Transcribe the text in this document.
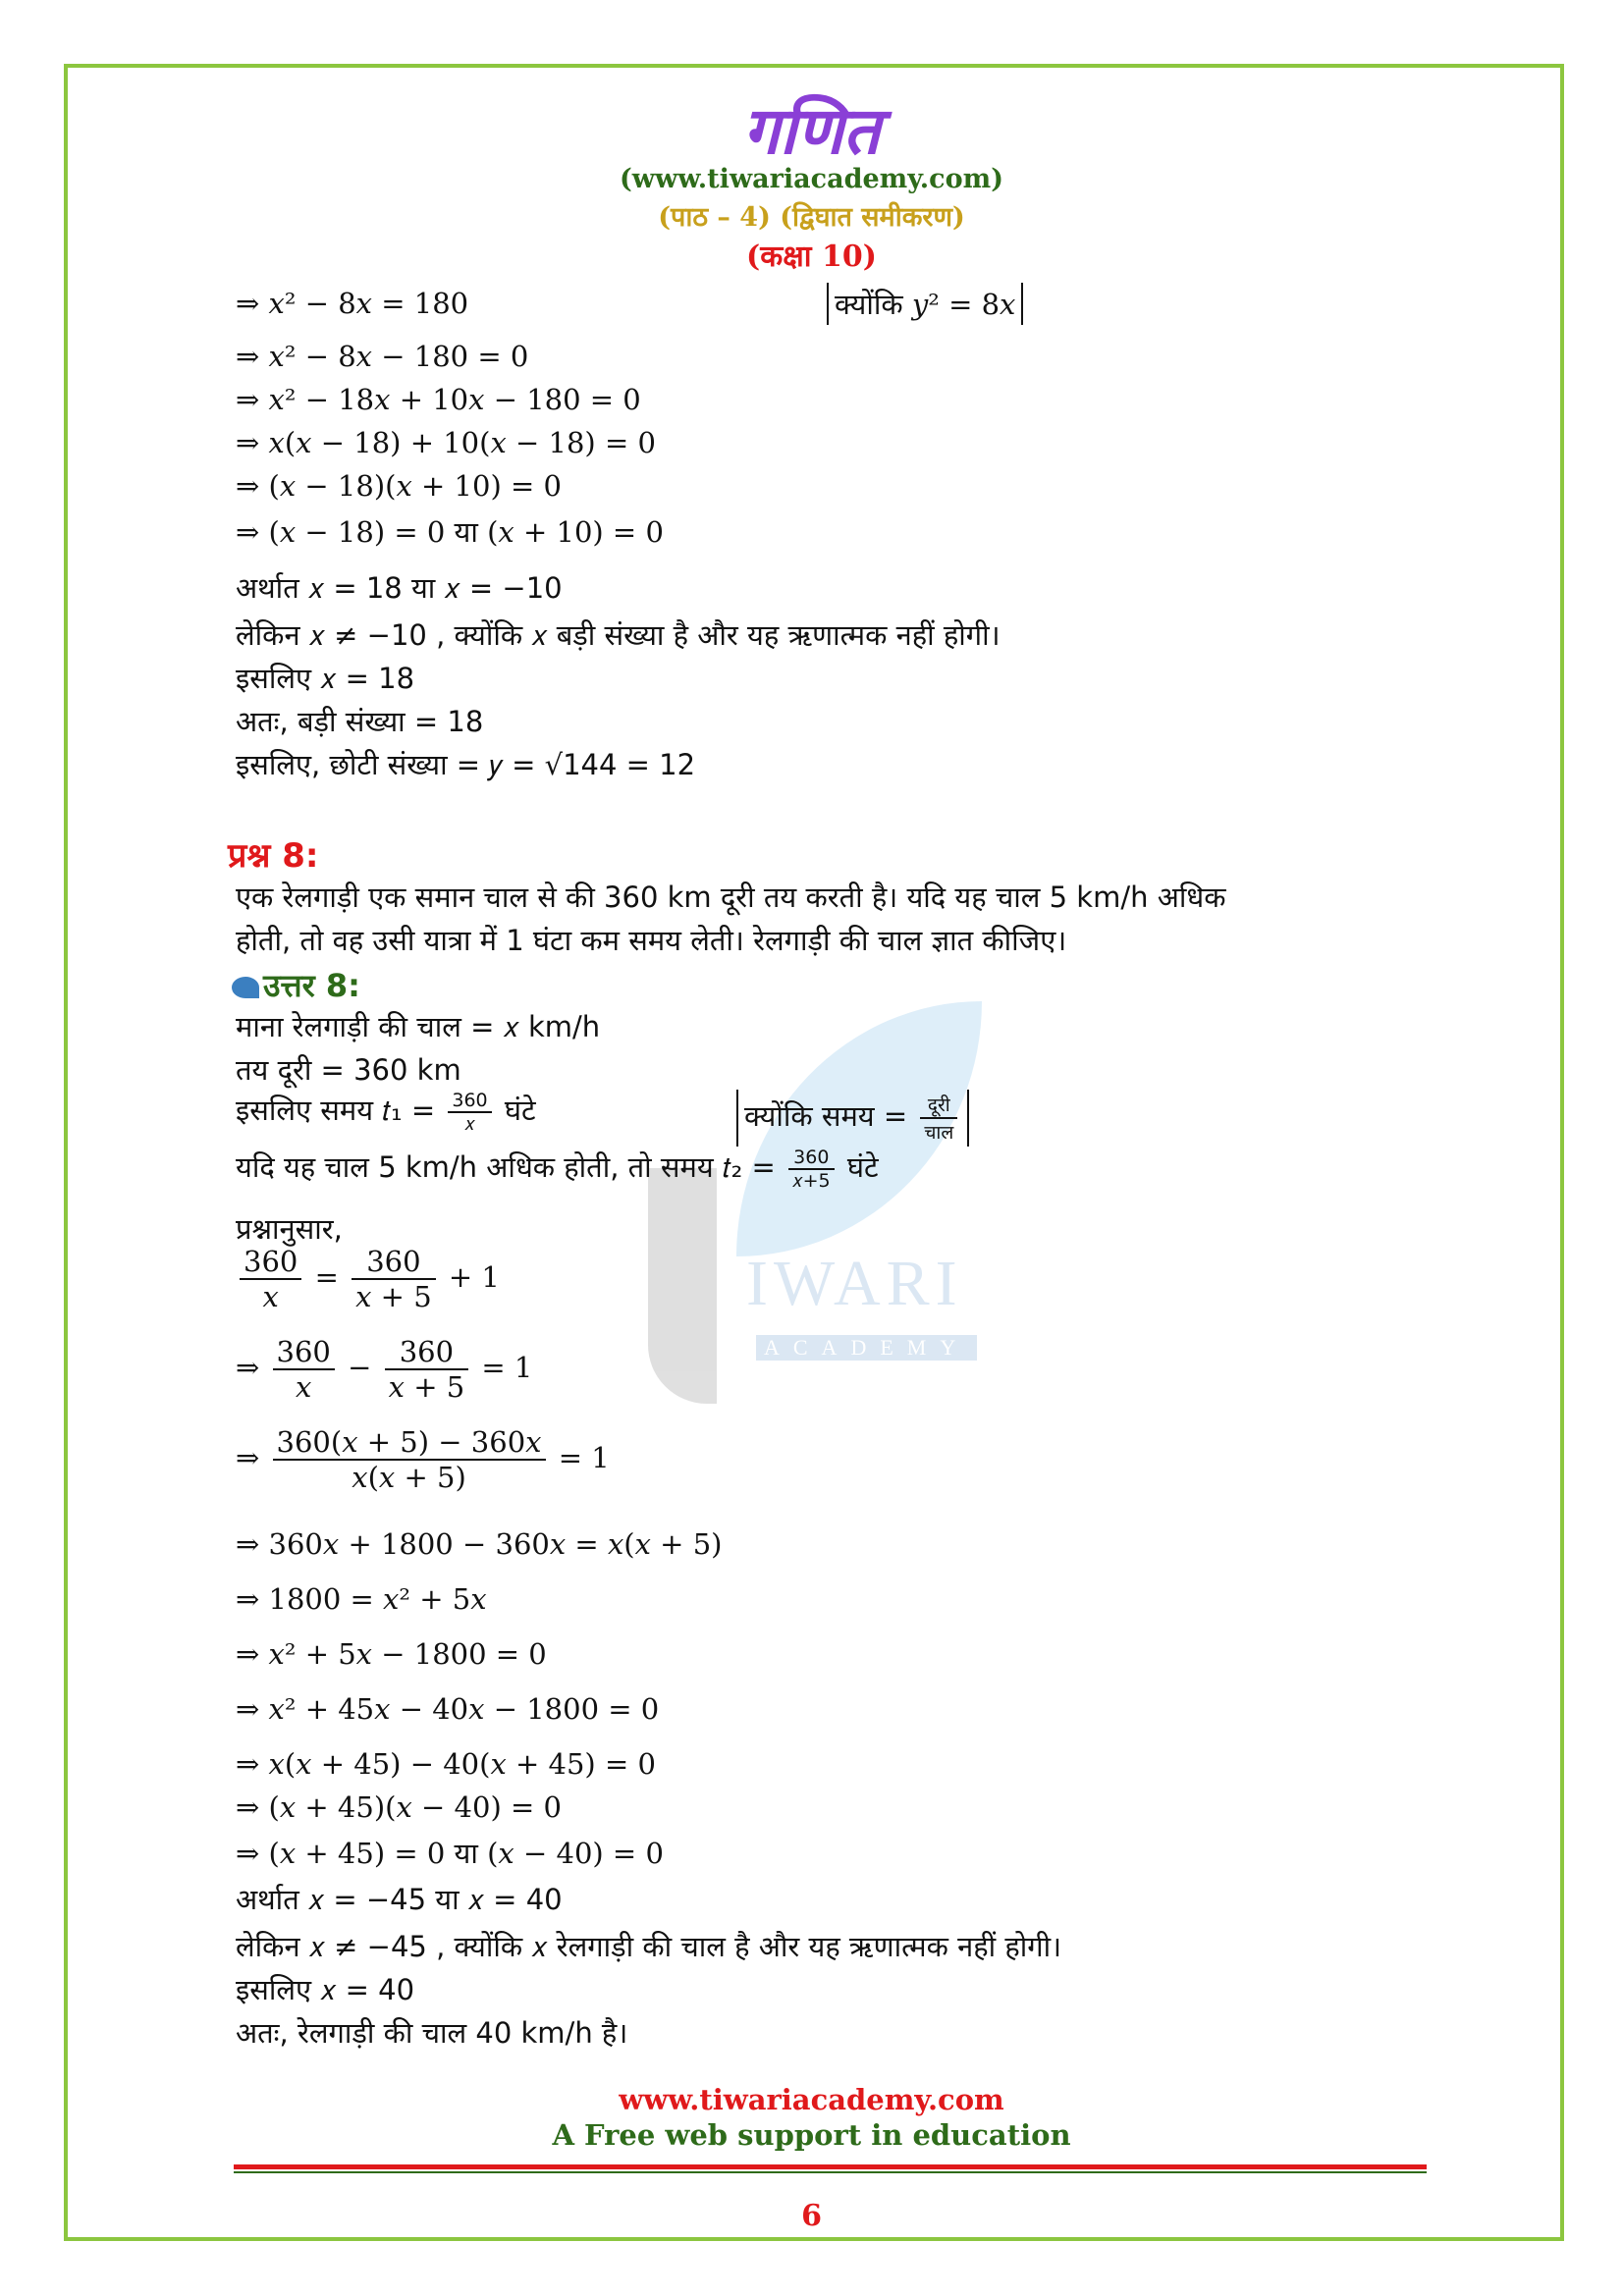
IWARI
ACADEMY
गणित
(www.tiwariacademy.com)
(पाठ – 4) (द्विघात समीकरण)
(कक्षा 10)
⇒ 𝑥² − 8𝑥 = 180	क्योंकि 𝑦² = 8𝑥
⇒ 𝑥² − 8𝑥 − 180 = 0
⇒ 𝑥² − 18𝑥 + 10𝑥 − 180 = 0
⇒ 𝑥(𝑥 − 18) + 10(𝑥 − 18) = 0
⇒ (𝑥 − 18)(𝑥 + 10) = 0
⇒ (𝑥 − 18) = 0 या (𝑥 + 10) = 0
अर्थात 𝑥 = 18 या 𝑥 = −10
लेकिन 𝑥 ≠ −10 , क्योंकि 𝑥 बड़ी संख्या है और यह ऋणात्मक नहीं होगी।
इसलिए 𝑥 = 18
अतः, बड़ी संख्या = 18
इसलिए, छोटी संख्या = 𝑦 = √144 = 12
प्रश्न 8:
एक रेलगाड़ी एक समान चाल से की 360 km दूरी तय करती है। यदि यह चाल 5 km/h अधिक
होती, तो वह उसी यात्रा में 1 घंटा कम समय लेती। रेलगाड़ी की चाल ज्ञात कीजिए।
उत्तर 8:
माना रेलगाड़ी की चाल = 𝑥 km/h
तय दूरी = 360 km
इसलिए समय 𝑡₁ = $\frac{360}{\text{𝑥}}$ घंटे	क्योंकि समय = $\frac{\text{दूरी}}{\text{चाल}}$
यदि यह चाल 5 km/h अधिक होती, तो समय 𝑡₂ = $\frac{360}{\text{𝑥+5}}$ घंटे
प्रश्नानुसार,
$\frac{360}{\text{𝑥}} = \frac{360}{\text{𝑥 + 5}} + 1$
⇒ $\frac{360}{\text{𝑥}} - \frac{360}{\text{𝑥 + 5}} = 1$
⇒ $\frac{\text{360(𝑥 + 5) − 360𝑥}}{\text{𝑥(𝑥 + 5)}} = 1$
⇒ 360𝑥 + 1800 − 360𝑥 = 𝑥(𝑥 + 5)
⇒ 1800 = 𝑥² + 5𝑥
⇒ 𝑥² + 5𝑥 − 1800 = 0
⇒ 𝑥² + 45𝑥 − 40𝑥 − 1800 = 0
⇒ 𝑥(𝑥 + 45) − 40(𝑥 + 45) = 0
⇒ (𝑥 + 45)(𝑥 − 40) = 0
⇒ (𝑥 + 45) = 0 या (𝑥 − 40) = 0
अर्थात 𝑥 = −45 या 𝑥 = 40
लेकिन 𝑥 ≠ −45 , क्योंकि 𝑥 रेलगाड़ी की चाल है और यह ऋणात्मक नहीं होगी।
इसलिए 𝑥 = 40
अतः, रेलगाड़ी की चाल 40 km/h है।
www.tiwariacademy.com
A Free web support in education
6
